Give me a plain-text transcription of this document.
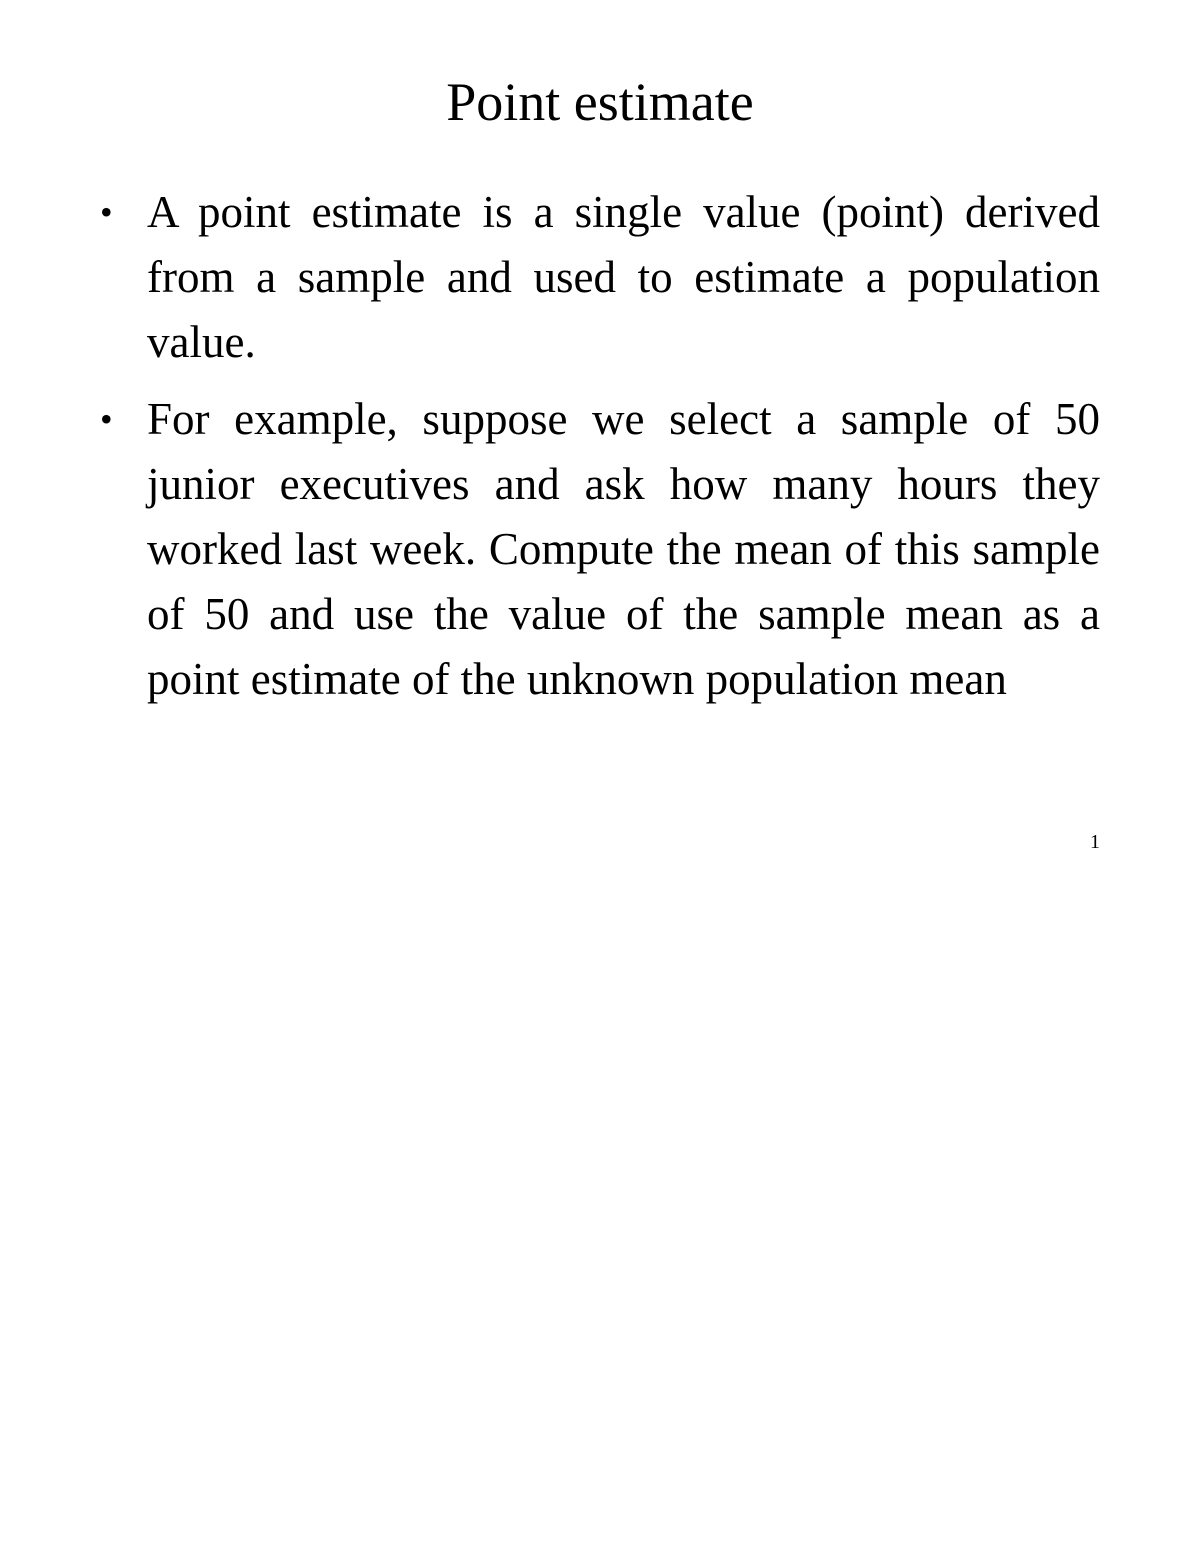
Point estimate
• A point estimate is a single value (point) derived from a sample and used to estimate a population value.
• For example, suppose we select a sample of 50 junior executives and ask how many hours they worked last week. Compute the mean of this sample of 50 and use the value of the sample mean as a point estimate of the unknown population mean
1
